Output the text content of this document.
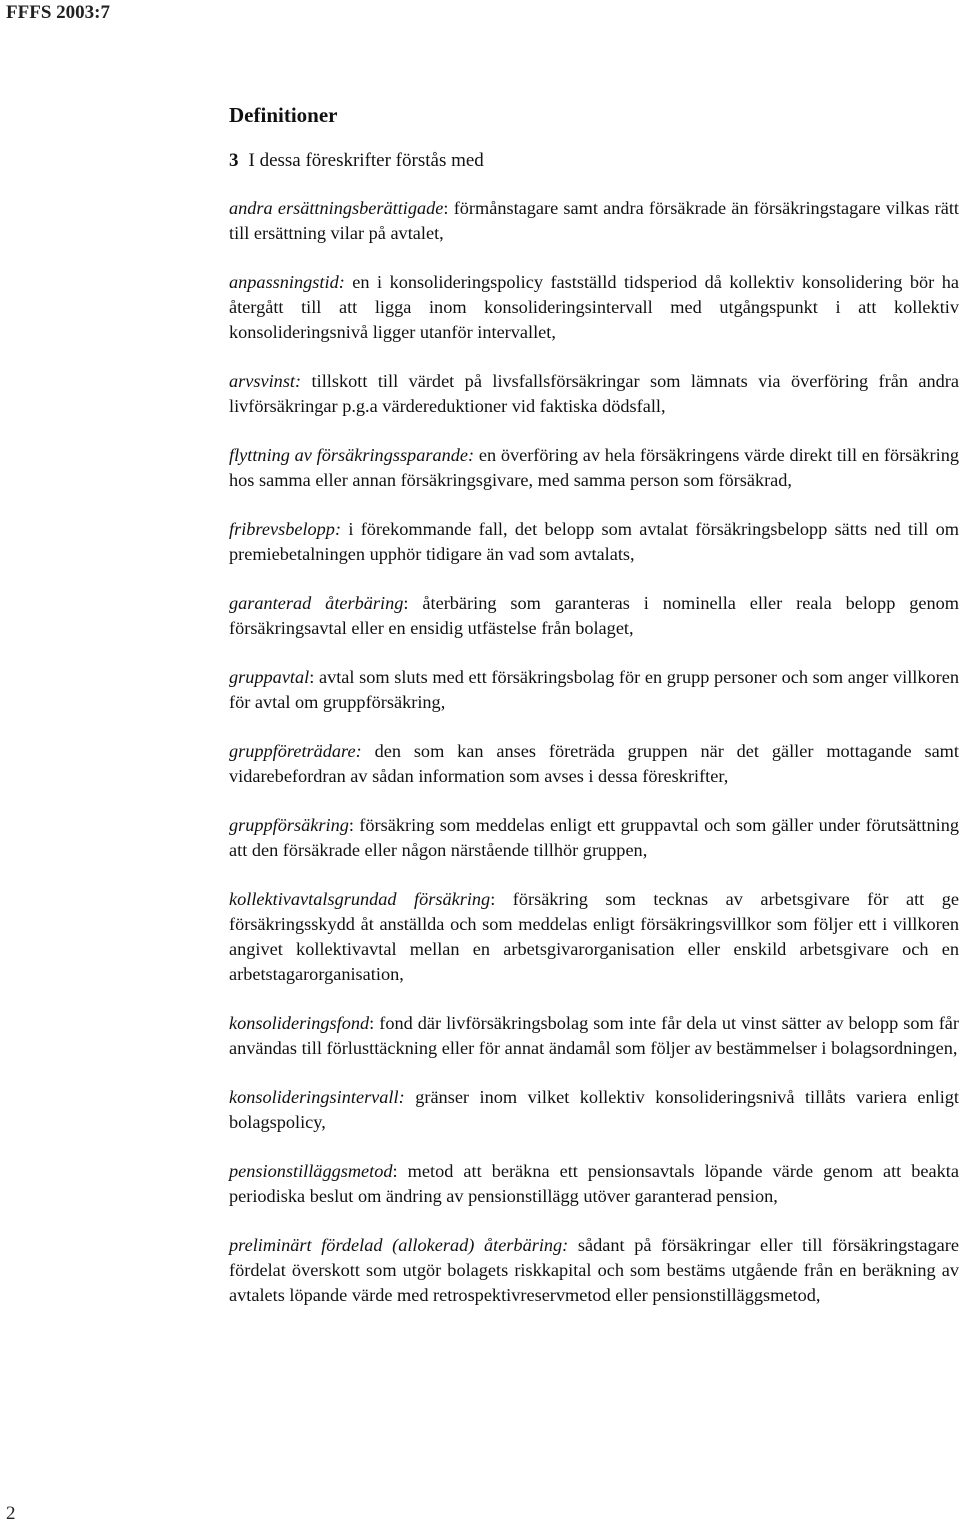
FFFS 2003:7
Definitioner

3 I dessa föreskrifter förstås med

andra ersättningsberättigade: förmånstagare samt andra försäkrade än försäkringstagare vilkas rätt till ersättning vilar på avtalet,

anpassningstid: en i konsolideringspolicy fastställd tidsperiod då kollektiv konsolidering bör ha återgått till att ligga inom konsolideringsintervall med utgångspunkt i att kollektiv konsolideringsnivå ligger utanför intervallet,

arvsvinst: tillskott till värdet på livsfallsförsäkringar som lämnats via överföring från andra livförsäkringar p.g.a värdereduktioner vid faktiska dödsfall,

flyttning av försäkringssparande: en överföring av hela försäkringens värde direkt till en försäkring hos samma eller annan försäkringsgivare, med samma person som försäkrad,

fribrevsbelopp: i förekommande fall, det belopp som avtalat försäkringsbelopp sätts ned till om premiebetalningen upphör tidigare än vad som avtalats,

garanterad återbäring: återbäring som garanteras i nominella eller reala belopp genom försäkringsavtal eller en ensidig utfästelse från bolaget,

gruppavtal: avtal som sluts med ett försäkringsbolag för en grupp personer och som anger villkoren för avtal om gruppförsäkring,

gruppföreträdare: den som kan anses företräda gruppen när det gäller mottagande samt vidarebefordran av sådan information som avses i dessa föreskrifter,

gruppförsäkring: försäkring som meddelas enligt ett gruppavtal och som gäller under förutsättning att den försäkrade eller någon närstående tillhör gruppen,

kollektivavtalsgrundad försäkring: försäkring som tecknas av arbetsgivare för att ge försäkringsskydd åt anställda och som meddelas enligt försäkringsvillkor som följer ett i villkoren angivet kollektivavtal mellan en arbetsgivarorganisation eller enskild arbetsgivare och en arbetstagarorganisation,

konsolideringsfond: fond där livförsäkringsbolag som inte får dela ut vinst sätter av belopp som får användas till förlusttäckning eller för annat ändamål som följer av bestämmelser i bolagsordningen,

konsolideringsintervall: gränser inom vilket kollektiv konsolideringsnivå tillåts variera enligt bolagspolicy,

pensionstilläggsmetod: metod att beräkna ett pensionsavtals löpande värde genom att beakta periodiska beslut om ändring av pensionstillägg utöver garanterad pension,

preliminärt fördelad (allokerad) återbäring: sådant på försäkringar eller till försäkringstagare fördelat överskott som utgör bolagets riskkapital och som bestäms utgående från en beräkning av avtalets löpande värde med retrospektivreservmetod eller pensionstilläggsmetod,

2
